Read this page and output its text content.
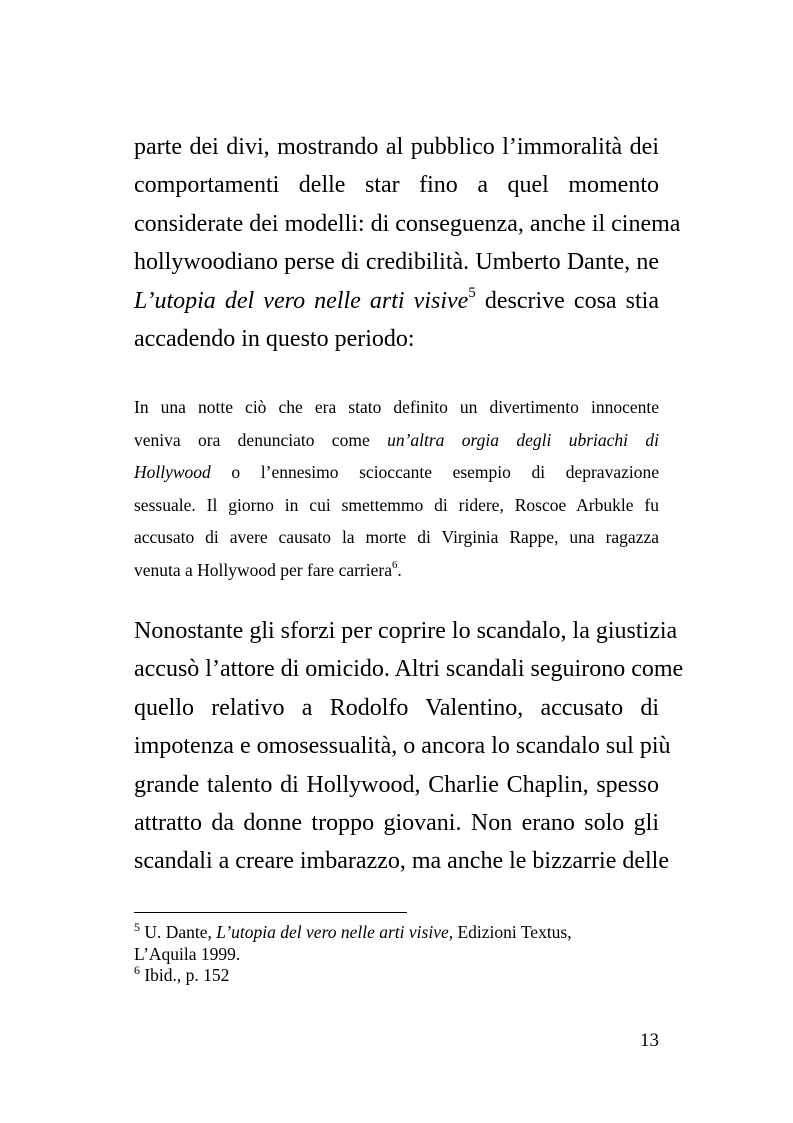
parte dei divi, mostrando al pubblico l’immoralità dei
comportamenti delle star fino a quel momento
considerate dei modelli: di conseguenza, anche il cinema
hollywoodiano perse di credibilità. Umberto Dante, ne
L’utopia del vero nelle arti visive$^5$ descrive cosa stia
accadendo in questo periodo:
In una notte ciò che era stato definito un divertimento innocente
veniva ora denunciato come un’altra orgia degli ubriachi di
Hollywood o l’ennesimo scioccante esempio di depravazione
sessuale. Il giorno in cui smettemmo di ridere, Roscoe Arbukle fu
accusato di avere causato la morte di Virginia Rappe, una ragazza
venuta a Hollywood per fare carriera$^6$.
Nonostante gli sforzi per coprire lo scandalo, la giustizia
accusò l’attore di omicido. Altri scandali seguirono come
quello relativo a Rodolfo Valentino, accusato di
impotenza e omosessualità, o ancora lo scandalo sul più
grande talento di Hollywood, Charlie Chaplin, spesso
attratto da donne troppo giovani. Non erano solo gli
scandali a creare imbarazzo, ma anche le bizzarrie delle
$^5$ U. Dante, L’utopia del vero nelle arti visive, Edizioni Textus,
L’Aquila 1999.
$^6$ Ibid., p. 152
13
